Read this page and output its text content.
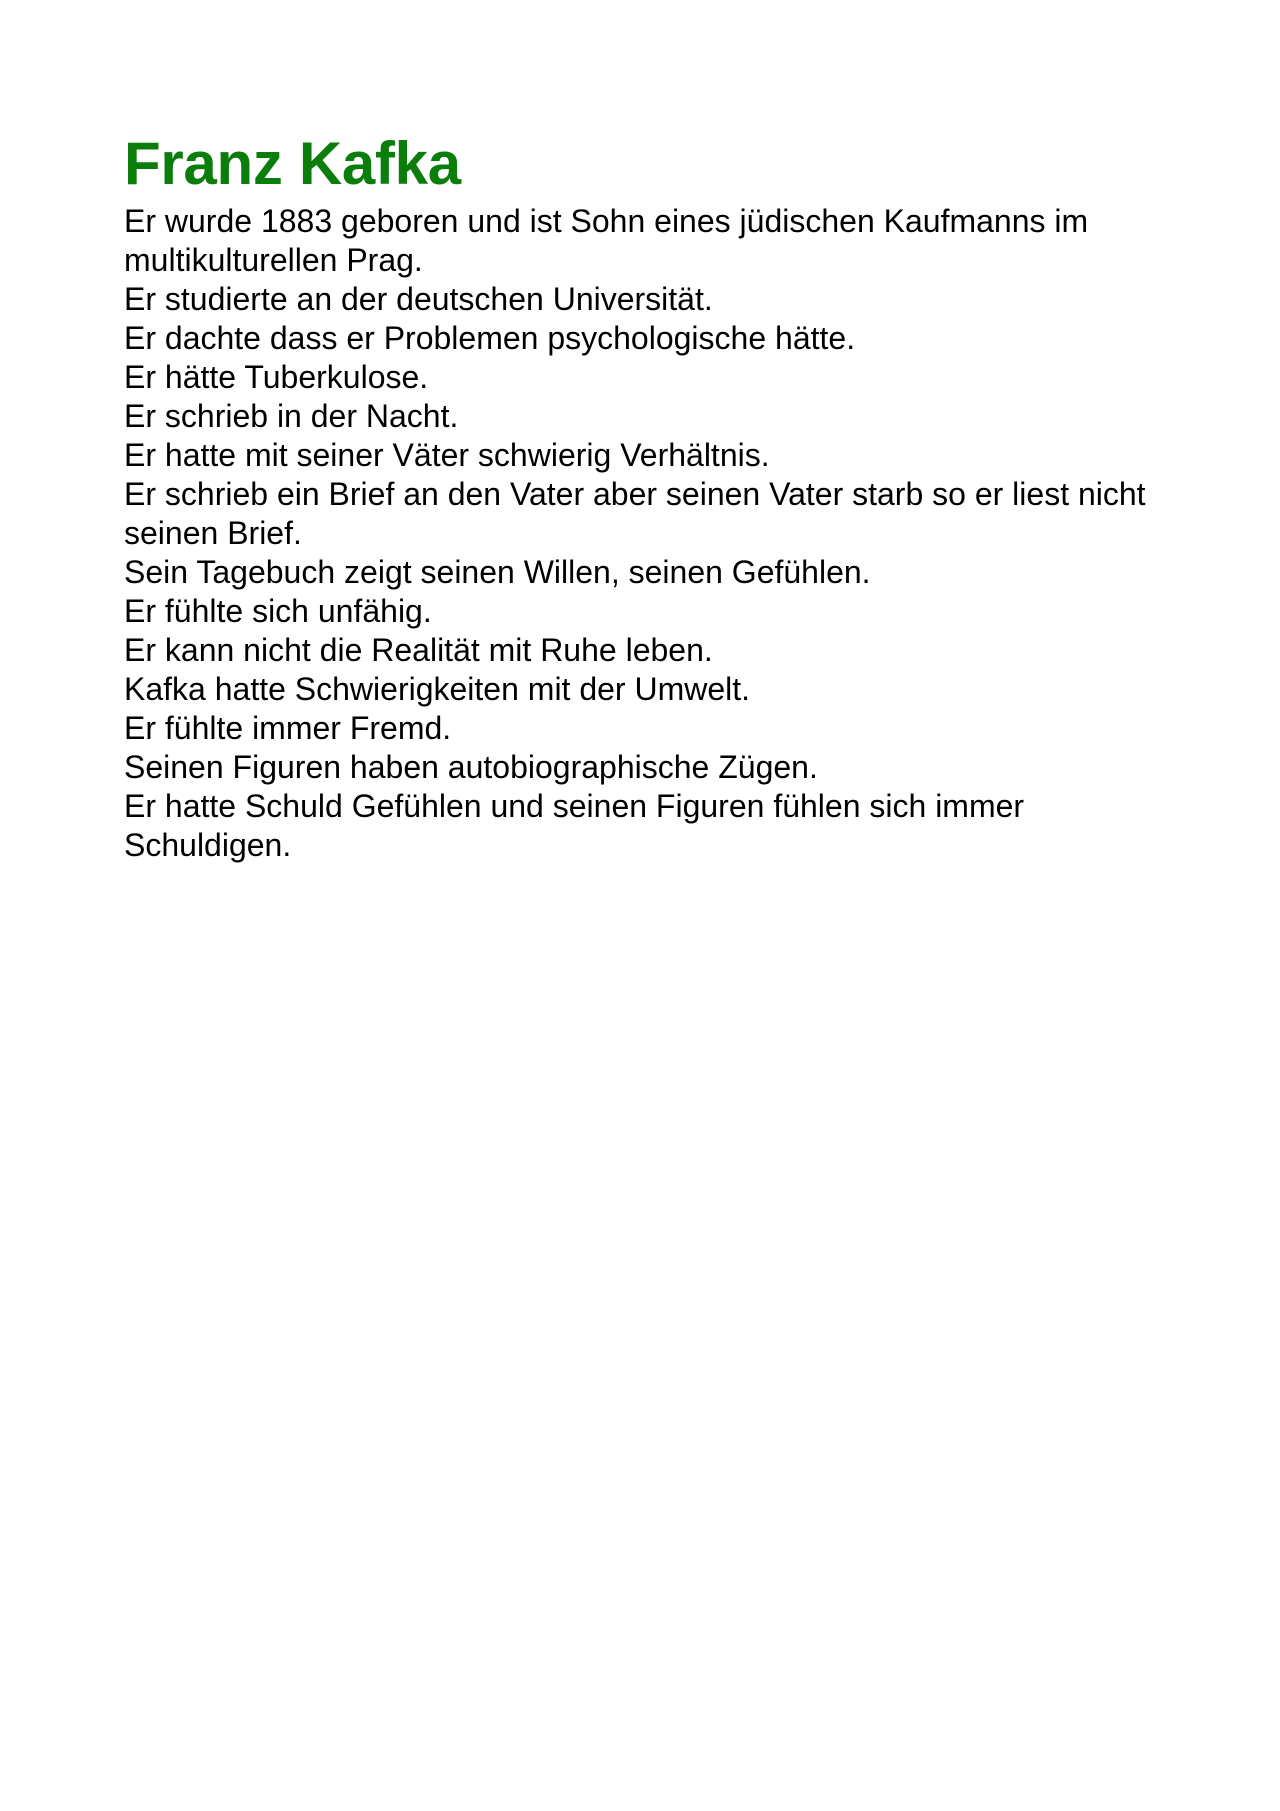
Franz Kafka
Er wurde 1883 geboren und ist Sohn eines jüdischen Kaufmanns im multikulturellen Prag.
Er studierte an der deutschen Universität.
Er dachte dass er Problemen psychologische hätte.
Er hätte Tuberkulose.
Er schrieb in der Nacht.
Er hatte mit seiner Väter schwierig Verhältnis.
Er schrieb ein Brief an den Vater aber seinen Vater starb so er liest nicht seinen Brief.
Sein Tagebuch zeigt seinen Willen, seinen Gefühlen.
Er fühlte sich unfähig.
Er kann nicht die Realität mit Ruhe leben.
Kafka hatte Schwierigkeiten mit der Umwelt.
Er fühlte immer Fremd.
Seinen Figuren haben autobiographische Zügen.
Er hatte Schuld Gefühlen und seinen Figuren fühlen sich immer Schuldigen.
